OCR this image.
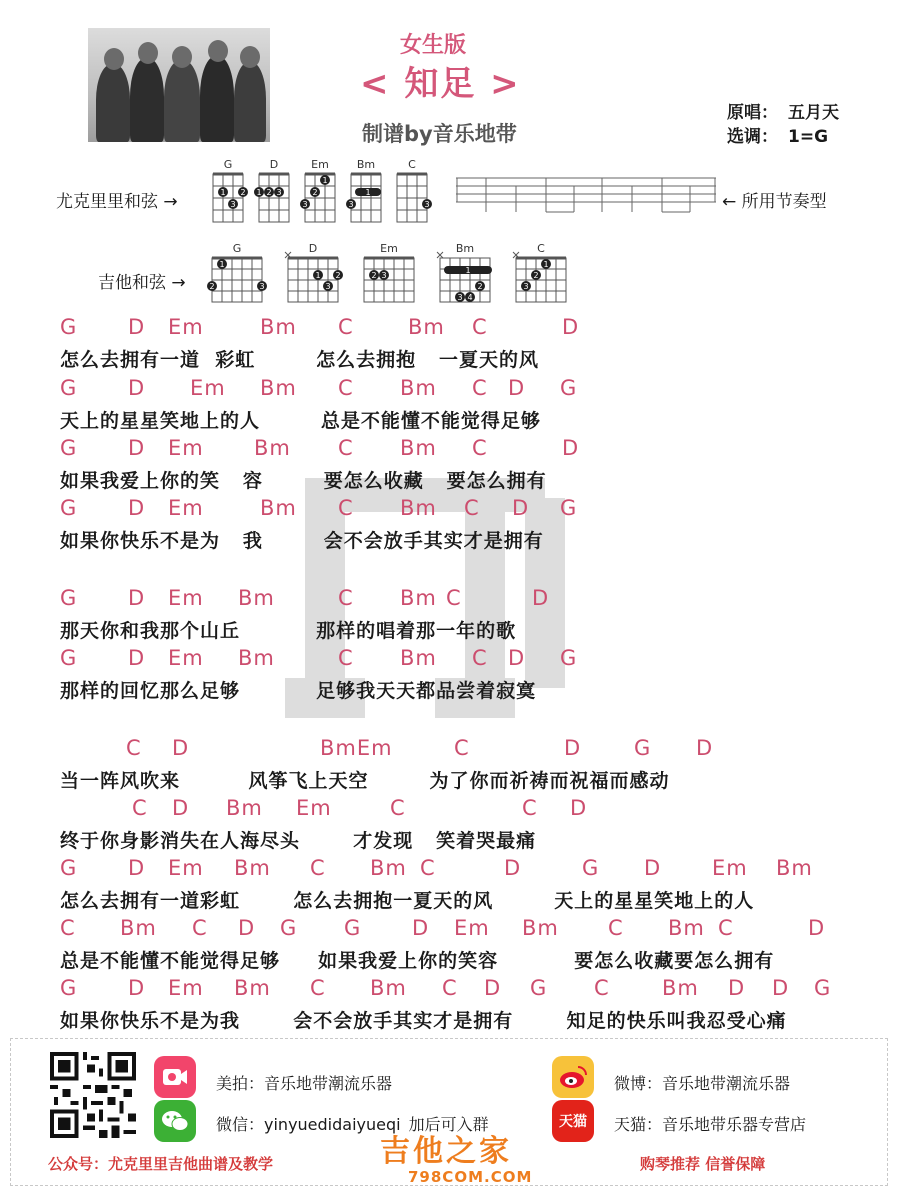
女生版
< 知足 >
制谱by音乐地带
原唱： 五月天
选调： 1=G
尤克里里和弦 →
G	D	Em	Bm	C
1 2
3
1 2 3
1
2
3
1
3	3	← 所用节奏型
吉他和弦 →
G	D	Em	Bm	C
1
2	3
1 2
3
2 3
1
2
3 4
1
2
3
G D Em	Bm C	Bm C	D
怎么去拥有一道  彩虹        怎么去拥抱   一夏天的风
G D Em Bm C Bm C D G
天上的星星笑地上的人        总是不能懂不能觉得足够
G D Em Bm C Bm C	D
如果我爱上你的笑   容        要怎么收藏   要怎么拥有
G D Em	Bm C Bm C D G
如果你快乐不是为   我        会不会放手其实才是拥有
G D Em Bm	C Bm C	D
那天你和我那个山丘          那样的唱着那一年的歌
G D Em Bm	C Bm C D G
那样的回忆那么足够          足够我天天都品尝着寂寞
C D	BmEm	C	D	G D
当一阵风吹来         风筝飞上天空        为了你而祈祷而祝福而感动
C D Bm Em	C	C D
终于你身影消失在人海尽头       才发现   笑着哭最痛
G D Em Bm C Bm C	D	G D Em Bm
怎么去拥有一道彩虹       怎么去拥抱一夏天的风        天上的星星笑地上的人
C Bm C D G G D Em Bm C Bm C	D
总是不能懂不能觉得足够     如果我爱上你的笑容          要怎么收藏要怎么拥有
G D Em Bm C Bm C D G C Bm D D G
如果你快乐不是为我       会不会放手其实才是拥有       知足的快乐叫我忍受心痛
美拍：音乐地带潮流乐器
微信：yinyuedidaiyueqi 加后可入群
微博：音乐地带潮流乐器
天猫 天猫：音乐地带乐器专营店
公众号：尤克里里吉他曲谱及教学	购琴推荐 信誉保障
吉他之家
798COM.COM
